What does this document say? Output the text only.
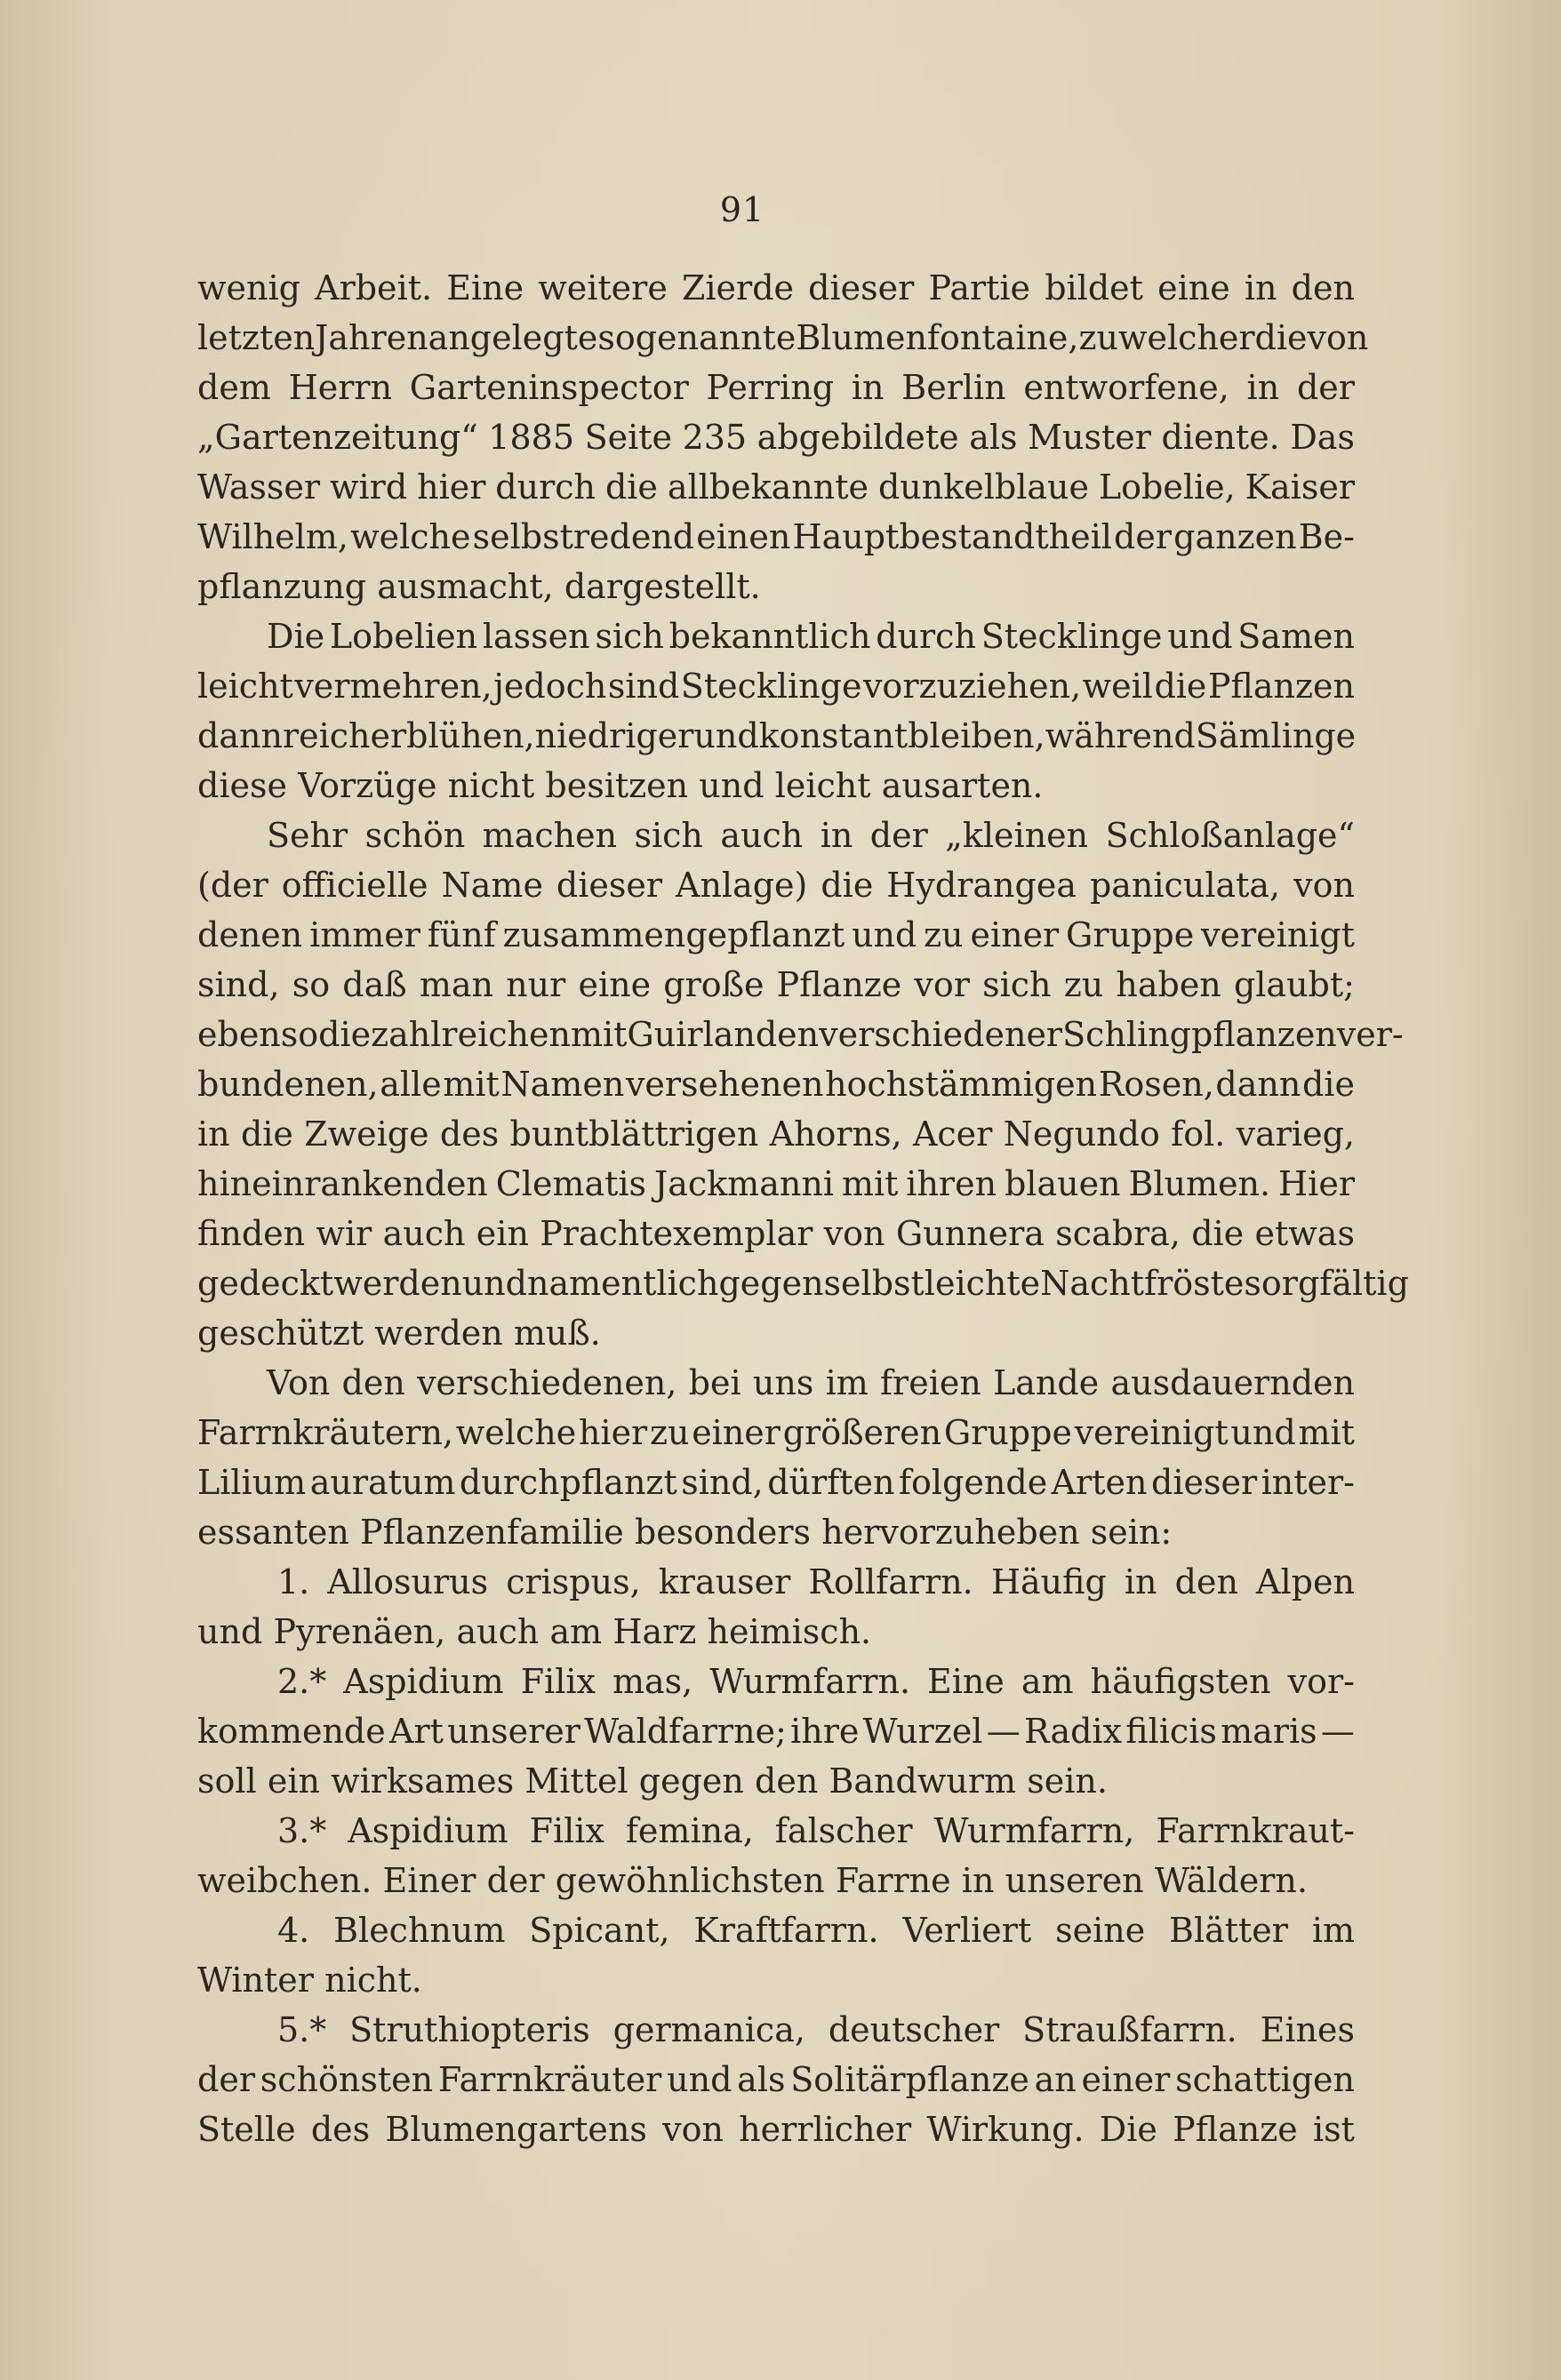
91
wenig Arbeit. Eine weitere Zierde dieser Partie bildet eine in den
letzten Jahren angelegte sogenannte Blumenfontaine, zu welcher die von
dem Herrn Garteninspector Perring in Berlin entworfene, in der
„Gartenzeitung“ 1885 Seite 235 abgebildete als Muster diente. Das
Wasser wird hier durch die allbekannte dunkelblaue Lobelie, Kaiser
Wilhelm, welche selbstredend einen Hauptbestandtheil der ganzen Be-
pflanzung ausmacht, dargestellt.
Die Lobelien lassen sich bekanntlich durch Stecklinge und Samen
leicht vermehren, jedoch sind Stecklinge vorzuziehen, weil die Pflanzen
dann reicher blühen, niedriger und konstant bleiben, während Sämlinge
diese Vorzüge nicht besitzen und leicht ausarten.
Sehr schön machen sich auch in der „kleinen Schloßanlage“
(der officielle Name dieser Anlage) die Hydrangea paniculata, von
denen immer fünf zusammengepflanzt und zu einer Gruppe vereinigt
sind, so daß man nur eine große Pflanze vor sich zu haben glaubt;
ebenso die zahlreichen mit Guirlanden verschiedener Schlingpflanzen ver-
bundenen, alle mit Namen versehenen hochstämmigen Rosen, dann die
in die Zweige des buntblättrigen Ahorns, Acer Negundo fol. varieg,
hineinrankenden Clematis Jackmanni mit ihren blauen Blumen. Hier
finden wir auch ein Prachtexemplar von Gunnera scabra, die etwas
gedeckt werden und namentlich gegen selbst leichte Nachtfröste sorgfältig
geschützt werden muß.
Von den verschiedenen, bei uns im freien Lande ausdauernden
Farrnkräutern, welche hier zu einer größeren Gruppe vereinigt und mit
Lilium auratum durchpflanzt sind, dürften folgende Arten dieser inter-
essanten Pflanzenfamilie besonders hervorzuheben sein:
1. Allosurus crispus, krauser Rollfarrn. Häufig in den Alpen
und Pyrenäen, auch am Harz heimisch.
2.* Aspidium Filix mas, Wurmfarrn. Eine am häufigsten vor-
kommende Art unserer Waldfarrne; ihre Wurzel — Radix filicis maris —
soll ein wirksames Mittel gegen den Bandwurm sein.
3.* Aspidium Filix femina, falscher Wurmfarrn, Farrnkraut-
weibchen. Einer der gewöhnlichsten Farrne in unseren Wäldern.
4. Blechnum Spicant, Kraftfarrn. Verliert seine Blätter im
Winter nicht.
5.* Struthiopteris germanica, deutscher Straußfarrn. Eines
der schönsten Farrnkräuter und als Solitärpflanze an einer schattigen
Stelle des Blumengartens von herrlicher Wirkung. Die Pflanze ist
